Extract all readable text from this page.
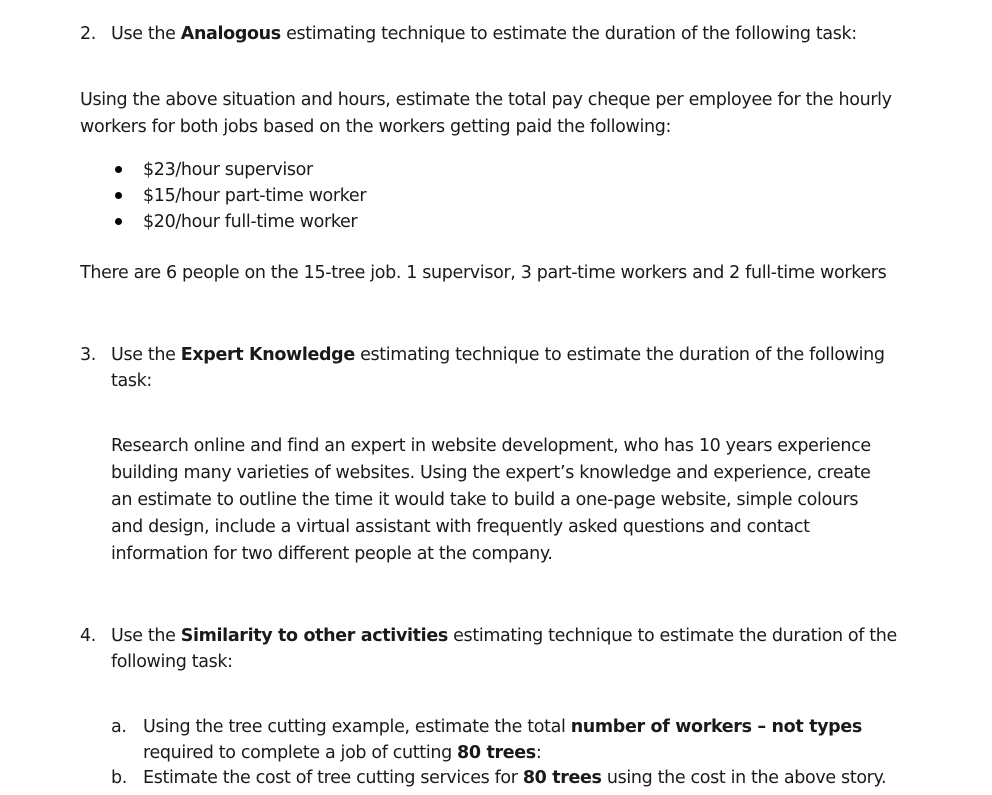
2. Use the Analogous estimating technique to estimate the duration of the following task:
Using the above situation and hours, estimate the total pay cheque per employee for the hourly
workers for both jobs based on the workers getting paid the following:
$23/hour supervisor
$15/hour part-time worker
$20/hour full-time worker
There are 6 people on the 15-tree job. 1 supervisor, 3 part-time workers and 2 full-time workers
3. Use the Expert Knowledge estimating technique to estimate the duration of the following
task:
Research online and find an expert in website development, who has 10 years experience
building many varieties of websites. Using the expert’s knowledge and experience, create
an estimate to outline the time it would take to build a one-page website, simple colours
and design, include a virtual assistant with frequently asked questions and contact
information for two different people at the company.
4. Use the Similarity to other activities estimating technique to estimate the duration of the
following task:
a. Using the tree cutting example, estimate the total number of workers – not types
required to complete a job of cutting 80 trees:
b. Estimate the cost of tree cutting services for 80 trees using the cost in the above story.
